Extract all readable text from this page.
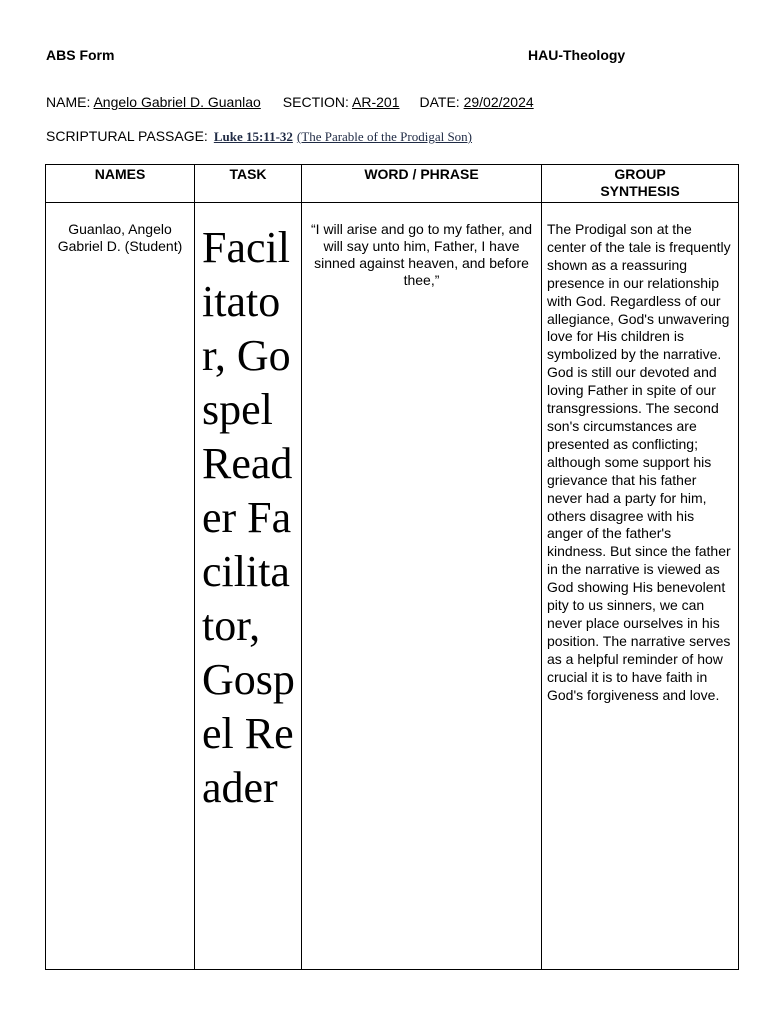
ABS Form	HAU-Theology
NAME: Angelo Gabriel D. Guanlao SECTION: AR-201 DATE: 29/02/2024
SCRIPTURAL PASSAGE: Luke 15:11-32 (The Parable of the Prodigal Son)
NAMES	TASK	WORD / PHRASE	GROUP SYNTHESIS
Guanlao, Angelo Gabriel D. (Student)	Facilitator, Gospel Reader Facilitator, Gospel Reader	“I will arise and go to my father, and will say unto him, Father, I have sinned against heaven, and before thee,”	The Prodigal son at the center of the tale is frequently shown as a reassuring presence in our relationship with God. Regardless of our allegiance, God's unwavering love for His children is symbolized by the narrative. God is still our devoted and loving Father in spite of our transgressions. The second son's circumstances are presented as conflicting; although some support his grievance that his father never had a party for him, others disagree with his anger of the father's kindness. But since the father in the narrative is viewed as God showing His benevolent pity to us sinners, we can never place ourselves in his position. The narrative serves as a helpful reminder of how crucial it is to have faith in God's forgiveness and love.
